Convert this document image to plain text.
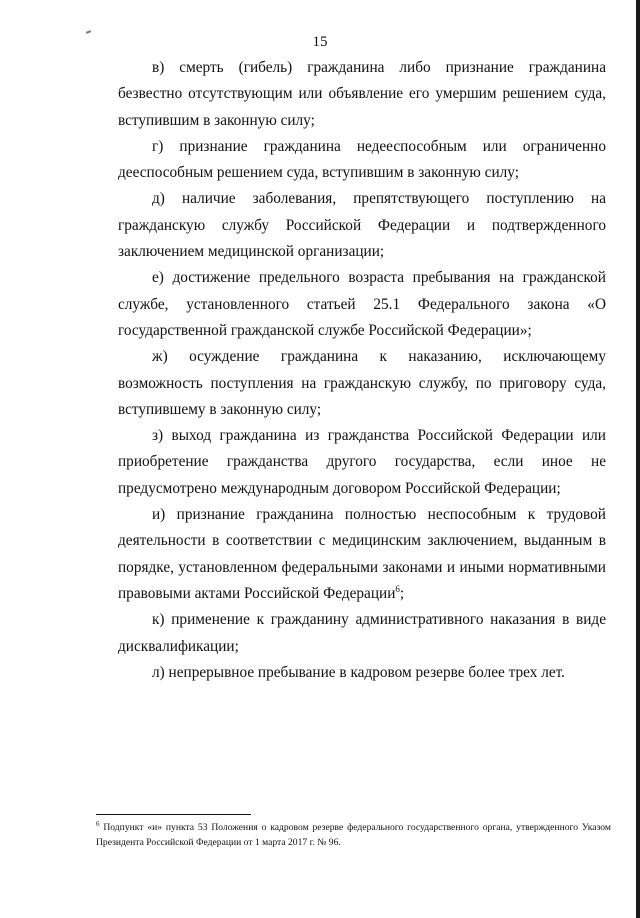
15

в) смерть (гибель) гражданина либо признание гражданина безвестно отсутствующим или объявление его умершим решением суда, вступившим в законную силу;

г) признание гражданина недееспособным или ограниченно дееспособным решением суда, вступившим в законную силу;

д) наличие заболевания, препятствующего поступлению на гражданскую службу Российской Федерации и подтвержденного заключением медицинской организации;

е) достижение предельного возраста пребывания на гражданской службе, установленного статьей 25.1 Федерального закона «О государственной гражданской службе Российской Федерации»;

ж) осуждение гражданина к наказанию, исключающему возможность поступления на гражданскую службу, по приговору суда, вступившему в законную силу;

з) выход гражданина из гражданства Российской Федерации или приобретение гражданства другого государства, если иное не предусмотрено международным договором Российской Федерации;

и) признание гражданина полностью неспособным к трудовой деятельности в соответствии с медицинским заключением, выданным в порядке, установленном федеральными законами и иными нормативными правовыми актами Российской Федерации$^6$;

к) применение к гражданину административного наказания в виде дисквалификации;

л) непрерывное пребывание в кадровом резерве более трех лет.

$^6$ Подпункт «и» пункта 53 Положения о кадровом резерве федерального государственного органа, утвержденного Указом Президента Российской Федерации от 1 марта 2017 г. № 96.
